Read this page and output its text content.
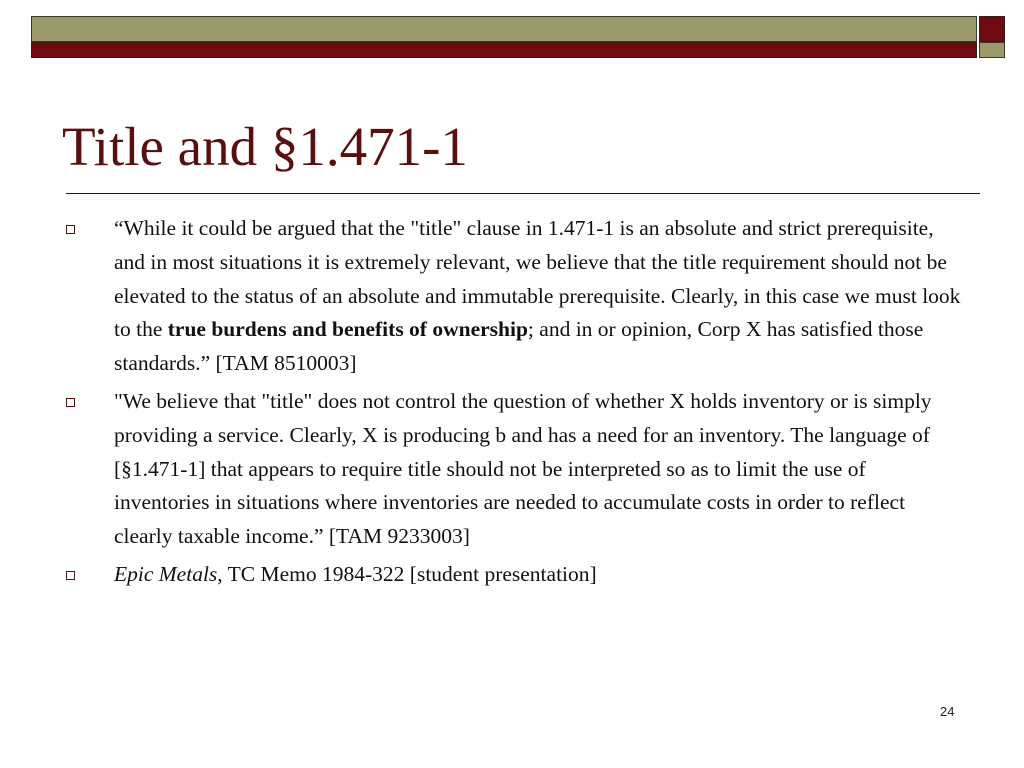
Title and §1.471-1
“While it could be argued that the "title" clause in 1.471-1 is an absolute and strict prerequisite, and in most situations it is extremely relevant, we believe that the title requirement should not be elevated to the status of an absolute and immutable prerequisite. Clearly, in this case we must look to the true burdens and benefits of ownership; and in or opinion, Corp X has satisfied those standards.” [TAM 8510003]
"We believe that "title" does not control the question of whether X holds inventory or is simply providing a service. Clearly, X is producing b and has a need for an inventory. The language of [§1.471-1] that appears to require title should not be interpreted so as to limit the use of inventories in situations where inventories are needed to accumulate costs in order to reflect clearly taxable income.” [TAM 9233003]
Epic Metals, TC Memo 1984-322 [student presentation]
24
